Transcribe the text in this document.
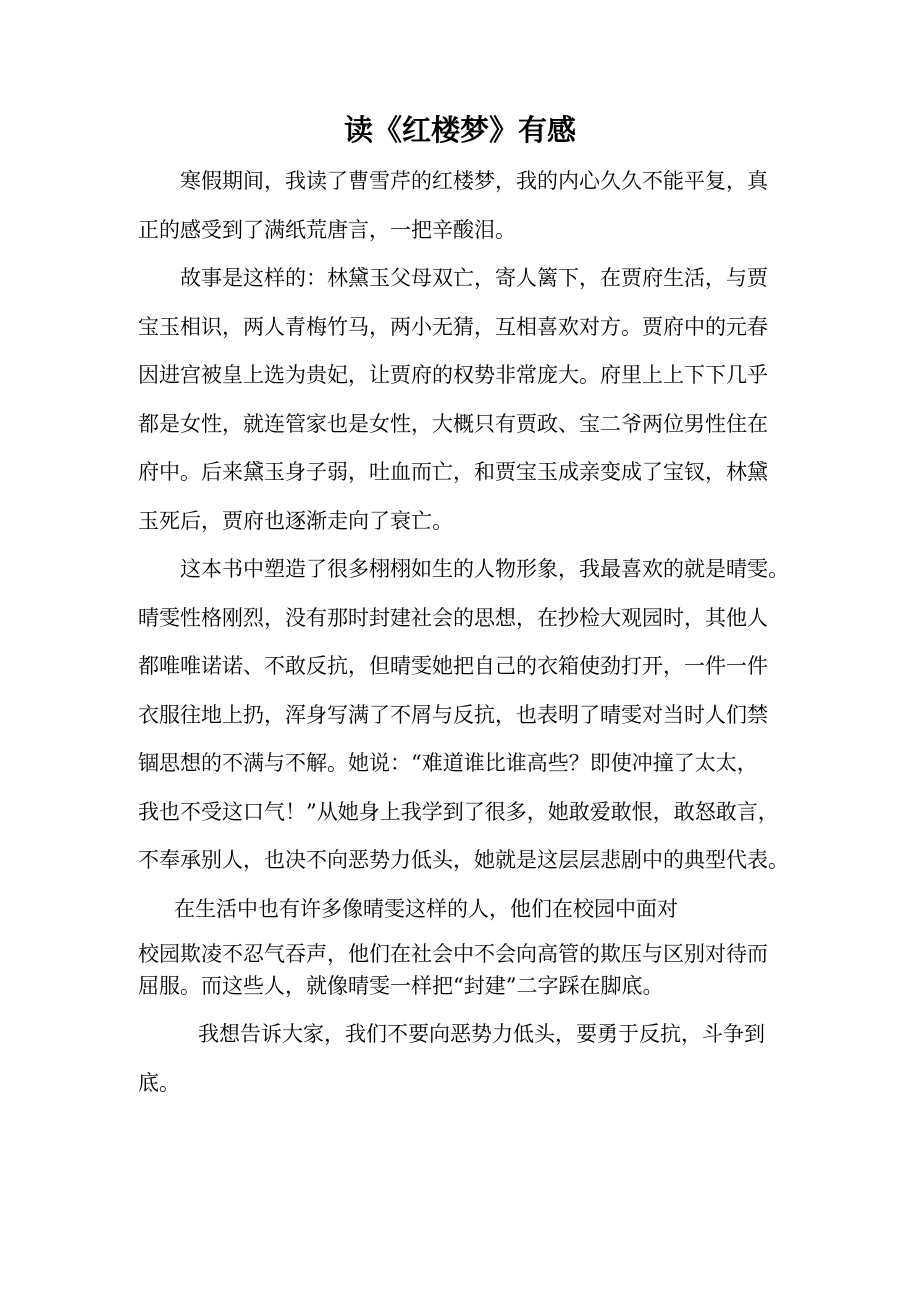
读《红楼梦》有感
寒假期间，我读了曹雪芹的红楼梦，我的内心久久不能平复，真
正的感受到了满纸荒唐言，一把辛酸泪。
故事是这样的：林黛玉父母双亡，寄人篱下，在贾府生活，与贾
宝玉相识，两人青梅竹马，两小无猜，互相喜欢对方。贾府中的元春
因进宫被皇上选为贵妃，让贾府的权势非常庞大。府里上上下下几乎
都是女性，就连管家也是女性，大概只有贾政、宝二爷两位男性住在
府中。后来黛玉身子弱，吐血而亡，和贾宝玉成亲变成了宝钗，林黛
玉死后，贾府也逐渐走向了衰亡。
这本书中塑造了很多栩栩如生的人物形象，我最喜欢的就是晴雯。
晴雯性格刚烈，没有那时封建社会的思想，在抄检大观园时，其他人
都唯唯诺诺、不敢反抗，但晴雯她把自己的衣箱使劲打开，一件一件
衣服往地上扔，浑身写满了不屑与反抗，也表明了晴雯对当时人们禁
锢思想的不满与不解。她说：“难道谁比谁高些？即使冲撞了太太，
我也不受这口气！”从她身上我学到了很多，她敢爱敢恨，敢怒敢言，
不奉承别人，也决不向恶势力低头，她就是这层层悲剧中的典型代表。
在生活中也有许多像晴雯这样的人，他们在校园中面对
校园欺凌不忍气吞声，他们在社会中不会向高管的欺压与区别对待而
屈服。而这些人，就像晴雯一样把“封建”二字踩在脚底。
我想告诉大家，我们不要向恶势力低头，要勇于反抗，斗争到
底。
